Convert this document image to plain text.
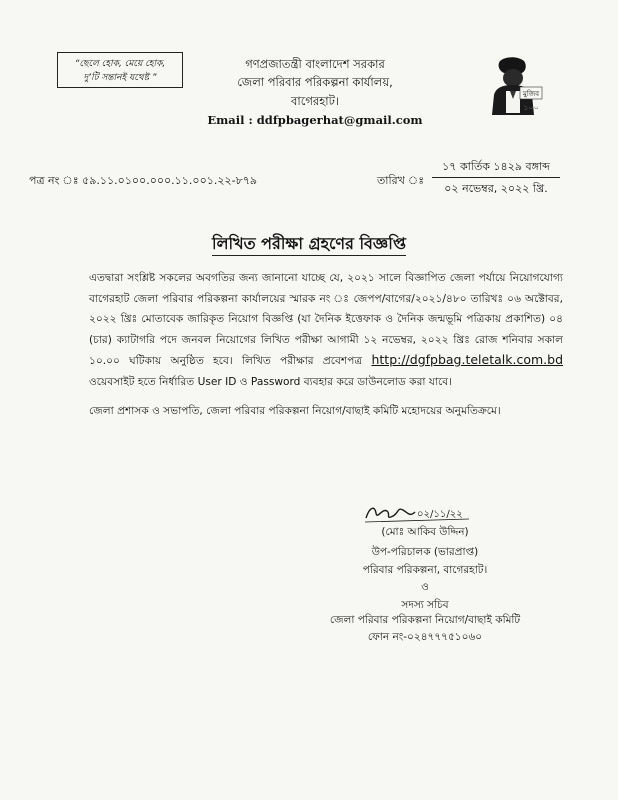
“ছেলে হোক, মেয়ে হোক,
দু’টি সন্তানই যথেষ্ট ”
গণপ্রজাতন্ত্রী বাংলাদেশ সরকার
জেলা পরিবার পরিকল্পনা কার্যালয়,
বাগেরহাট।
Email : ddfpbagerhat@gmail.com
মুজিব
১০০
পত্র নং ঃ ৫৯.১১.০১০০.০০০.১১.০০১.২২-৮৭৯	তারিখ ঃ
১৭ কার্তিক ১৪২৯ বঙ্গাব্দ
০২ নভেম্বর, ২০২২ খ্রি.
লিখিত পরীক্ষা গ্রহণের বিজ্ঞপ্তি
এতদ্বারা সংশ্লিষ্ট সকলের অবগতির জন্য জানানো যাচ্ছে যে, ২০২১ সালে বিজ্ঞাপিত জেলা পর্যায়ে নিয়োগযোগ্য বাগেরহাট জেলা পরিবার পরিকল্পনা কার্যালয়ের স্মারক নং ঃ জেপপ/বাগের/২০২১/৪৮০ তারিখঃ ০৬ অক্টোবর, ২০২২ খ্রিঃ মোতাবেক জারিকৃত নিয়োগ বিজ্ঞপ্তি (যা দৈনিক ইত্তেফাক ও দৈনিক জন্মভূমি পত্রিকায় প্রকাশিত) ০৪ (চার) ক্যাটাগরি পদে জনবল নিয়োগের লিখিত পরীক্ষা আগামী ১২ নভেম্বর, ২০২২ খ্রিঃ রোজ শনিবার সকাল ১০.০০ ঘটিকায় অনুষ্ঠিত হবে। লিখিত পরীক্ষার প্রবেশপত্র http://dgfpbag.teletalk.com.bd ওয়েবসাইট হতে নির্ধারিত User ID ও Password ব্যবহার করে ডাউনলোড করা যাবে।
জেলা প্রশাসক ও সভাপতি, জেলা পরিবার পরিকল্পনা নিয়োগ/বাছাই কমিটি মহোদয়ের অনুমতিক্রমে।
০২/১১/২২
(মোঃ আকিব উদ্দিন)
উপ-পরিচালক (ভারপ্রাপ্ত)
পরিবার পরিকল্পনা, বাগেরহাট।
ও
সদস্য সচিব
জেলা পরিবার পরিকল্পনা নিয়োগ/বাছাই কমিটি
ফোন নং-০২৪৭৭৭৫১০৬০
